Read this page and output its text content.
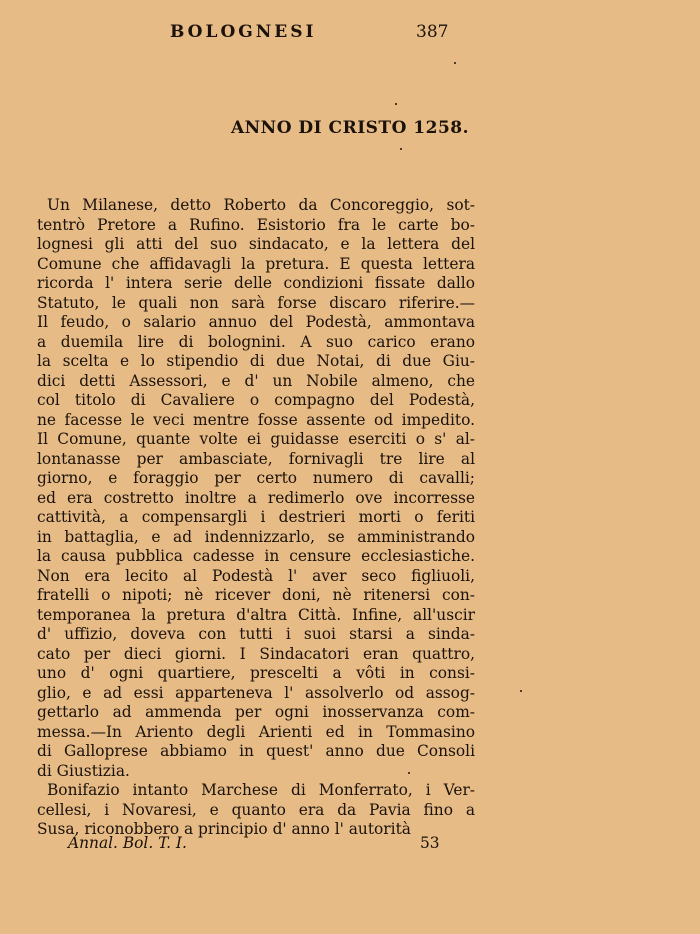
BOLOGNESI	387
ANNO DI CRISTO 1258.
Un Milanese, detto Roberto da Concoreggio, sot-
tentrò Pretore a Rufino. Esistorio fra le carte bo-
lognesi gli atti del suo sindacato, e la lettera del
Comune che affidavagli la pretura. E questa lettera
ricorda l' intera serie delle condizioni fissate dallo
Statuto, le quali non sarà forse discaro riferire.—
Il feudo, o salario annuo del Podestà, ammontava
a duemila lire di bolognini. A suo carico erano
la scelta e lo stipendio di due Notai, di due Giu-
dici detti Assessori, e d' un Nobile almeno, che
col titolo di Cavaliere o compagno del Podestà,
ne facesse le veci mentre fosse assente od impedito.
Il Comune, quante volte ei guidasse eserciti o s' al-
lontanasse per ambasciate, fornivagli tre lire al
giorno, e foraggio per certo numero di cavalli;
ed era costretto inoltre a redimerlo ove incorresse
cattività, a compensargli i destrieri morti o feriti
in battaglia, e ad indennizzarlo, se amministrando
la causa pubblica cadesse in censure ecclesiastiche.
Non era lecito al Podestà l' aver seco figliuoli,
fratelli o nipoti; nè ricever doni, nè ritenersi con-
temporanea la pretura d'altra Città. Infine, all'uscir
d' uffizio, doveva con tutti i suoi starsi a sinda-
cato per dieci giorni. I Sindacatori eran quattro,
uno d' ogni quartiere, prescelti a vôti in consi-
glio, e ad essi apparteneva l' assolverlo od assog-
gettarlo ad ammenda per ogni inosservanza com-
messa.—In Ariento degli Arienti ed in Tommasino
di Galloprese abbiamo in quest' anno due Consoli
di Giustizia.
Bonifazio intanto Marchese di Monferrato, i Ver-
cellesi, i Novaresi, e quanto era da Pavia fino a
Susa, riconobbero a principio d' anno l' autorità
Annal. Bol. T. I.	53
